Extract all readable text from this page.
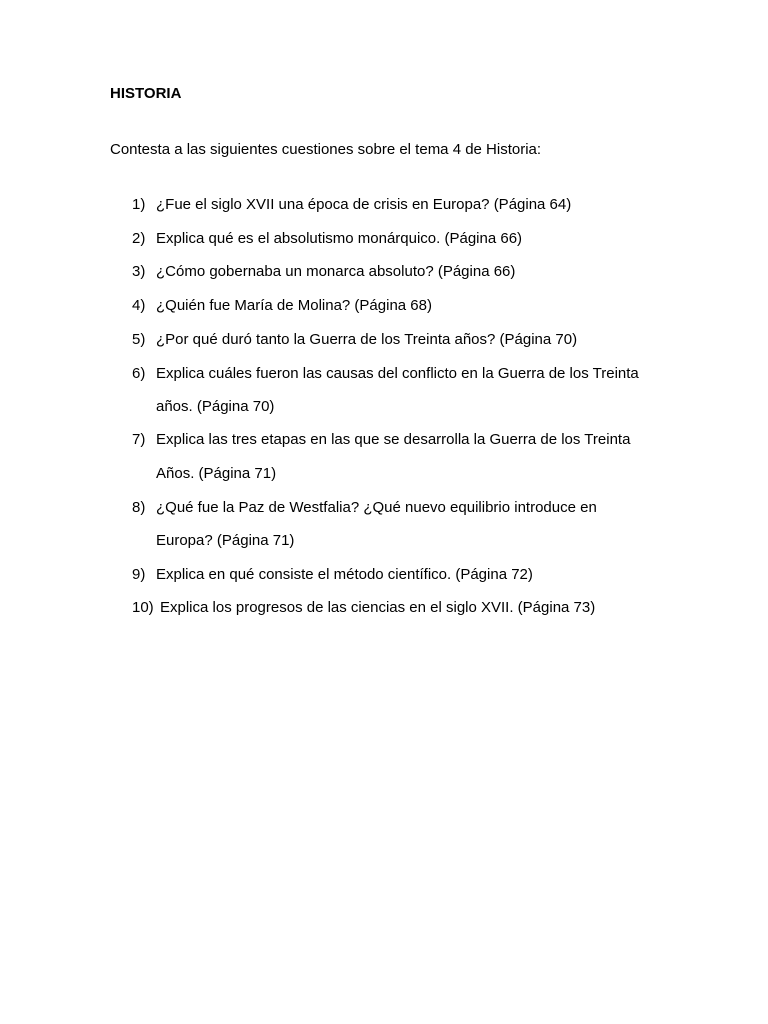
HISTORIA
Contesta a las siguientes cuestiones sobre el tema 4 de Historia:
1) ¿Fue el siglo XVII una época de crisis en Europa? (Página 64)
2) Explica qué es el absolutismo monárquico. (Página 66)
3) ¿Cómo gobernaba un monarca absoluto? (Página 66)
4) ¿Quién fue María de Molina? (Página 68)
5) ¿Por qué duró tanto la Guerra de los Treinta años? (Página 70)
6) Explica cuáles fueron las causas del conflicto en la Guerra de los Treinta
años. (Página 70)
7) Explica las tres etapas en las que se desarrolla la Guerra de los Treinta
Años. (Página 71)
8) ¿Qué fue la Paz de Westfalia? ¿Qué nuevo equilibrio introduce en
Europa? (Página 71)
9) Explica en qué consiste el método científico. (Página 72)
10) Explica los progresos de las ciencias en el siglo XVII. (Página 73)
